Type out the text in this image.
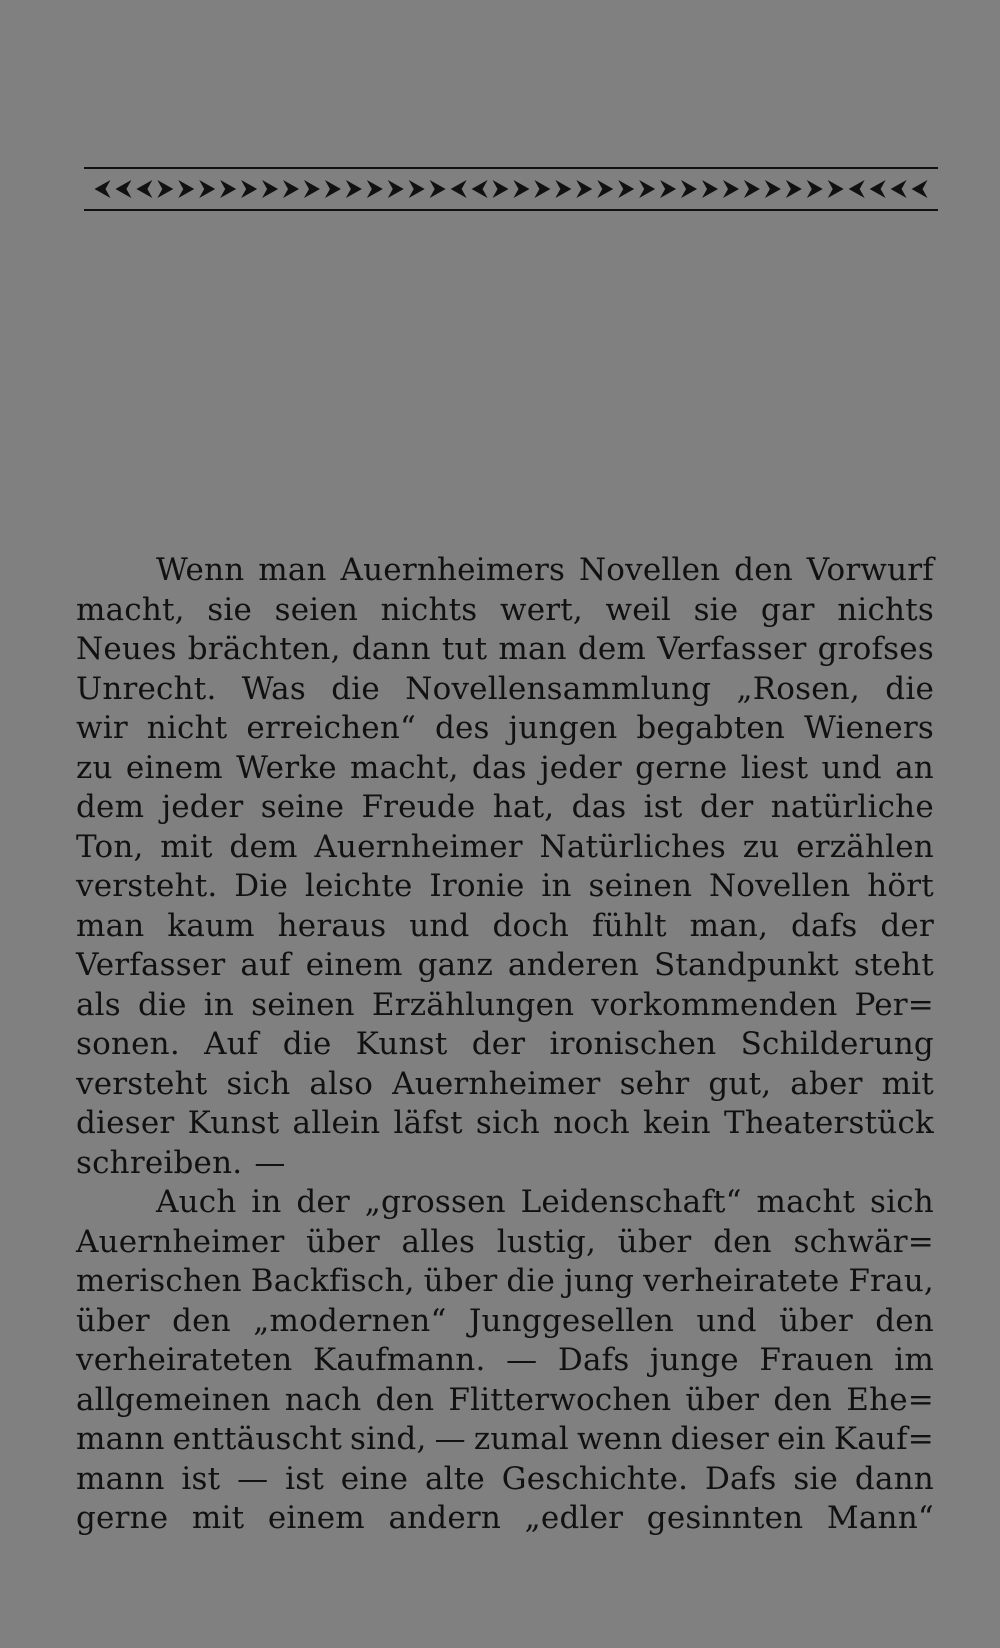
Wenn man Auernheimers Novellen den Vorwurf
macht, sie seien nichts wert, weil sie gar nichts
Neues brächten, dann tut man dem Verfasser grofses
Unrecht. Was die Novellensammlung „Rosen, die
wir nicht erreichen“ des jungen begabten Wieners
zu einem Werke macht, das jeder gerne liest und an
dem jeder seine Freude hat, das ist der natürliche
Ton, mit dem Auernheimer Natürliches zu erzählen
versteht. Die leichte Ironie in seinen Novellen hört
man kaum heraus und doch fühlt man, dafs der
Verfasser auf einem ganz anderen Standpunkt steht
als die in seinen Erzählungen vorkommenden Per=
sonen. Auf die Kunst der ironischen Schilderung
versteht sich also Auernheimer sehr gut, aber mit
dieser Kunst allein läfst sich noch kein Theaterstück
schreiben. —
Auch in der „grossen Leidenschaft“ macht sich
Auernheimer über alles lustig, über den schwär=
merischen Backfisch, über die jung verheiratete Frau,
über den „modernen“ Junggesellen und über den
verheirateten Kaufmann. — Dafs junge Frauen im
allgemeinen nach den Flitterwochen über den Ehe=
mann enttäuscht sind, — zumal wenn dieser ein Kauf=
mann ist — ist eine alte Geschichte. Dafs sie dann
gerne mit einem andern „edler gesinnten Mann“
